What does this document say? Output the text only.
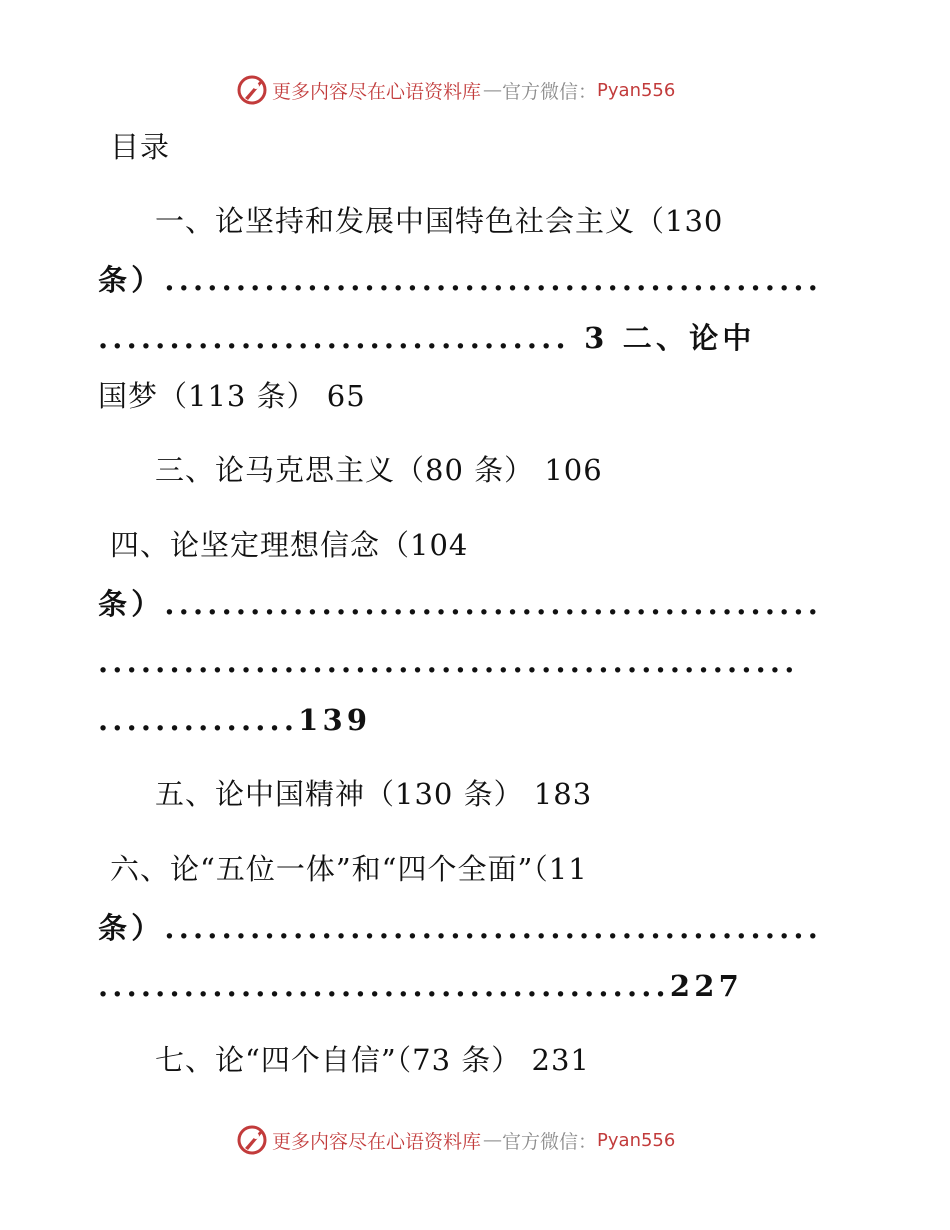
更多内容尽在心语资料库 — 官方微信： Pyan556
目录
一、论坚持和发展中国特色社会主义（130
条）..............................................
................................. 3 二、论中
国梦（113 条） 65
三、论马克思主义（80 条） 106
四、论坚定理想信念（104
条）..............................................
.................................................
..............139
五、论中国精神（130 条） 183
六、论“五位一体”和“四个全面”（11
条）..............................................
........................................227
七、论“四个自信”（73 条） 231
更多内容尽在心语资料库 — 官方微信： Pyan556
